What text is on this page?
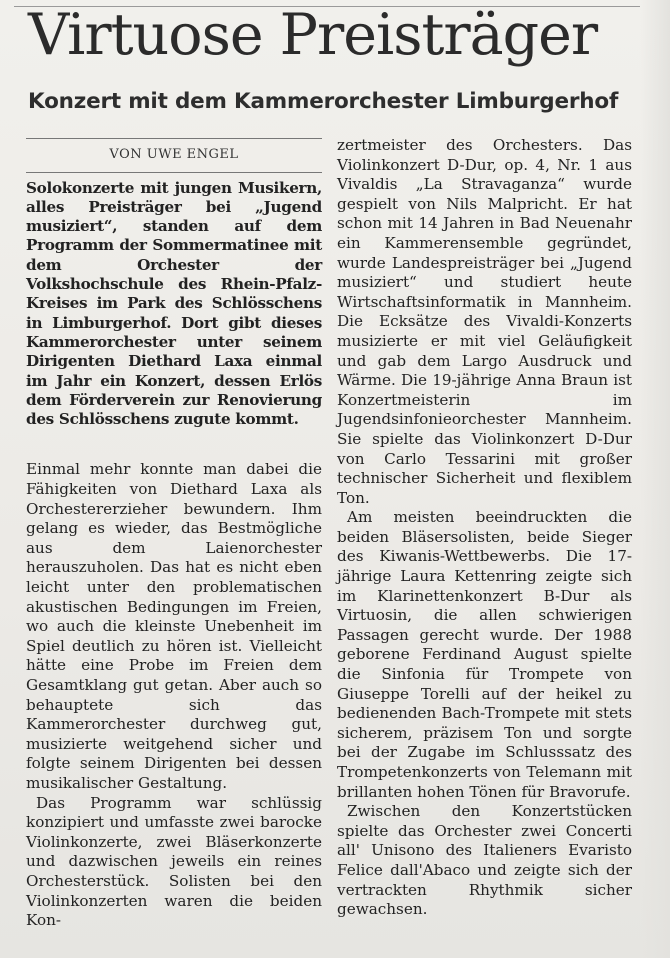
Virtuose Preisträger
Konzert mit dem Kammerorchester Limburgerhof
VON UWE ENGEL

Solokonzerte mit jungen Musikern, alles Preisträger bei „Jugend musiziert“, standen auf dem Programm der Sommermatinee mit dem Orchester der Volkshochschule des Rhein-Pfalz-Kreises im Park des Schlösschens in Limburgerhof. Dort gibt dieses Kammerorchester unter seinem Dirigenten Diethard Laxa einmal im Jahr ein Konzert, dessen Erlös dem Förderverein zur Renovierung des Schlösschens zugute kommt.

Einmal mehr konnte man dabei die Fähigkeiten von Diethard Laxa als Orchestererzieher bewundern. Ihm gelang es wieder, das Bestmögliche aus dem Laienorchester herauszuholen. Das hat es nicht eben leicht unter den problematischen akustischen Bedingungen im Freien, wo auch die kleinste Unebenheit im Spiel deutlich zu hören ist. Vielleicht hätte eine Probe im Freien dem Gesamtklang gut getan. Aber auch so behauptete sich das Kammerorchester durchweg gut, musizierte weitgehend sicher und folgte seinem Dirigenten bei dessen musikalischer Gestaltung.

Das Programm war schlüssig konzipiert und umfasste zwei barocke Violinkonzerte, zwei Bläserkonzerte und dazwischen jeweils ein reines Orchesterstück. Solisten bei den Violinkonzerten waren die beiden Kon-

zertmeister des Orchesters. Das Violinkonzert D-Dur, op. 4, Nr. 1 aus Vivaldis „La Stravaganza“ wurde gespielt von Nils Malpricht. Er hat schon mit 14 Jahren in Bad Neuenahr ein Kammerensemble gegründet, wurde Landespreisträger bei „Jugend musiziert“ und studiert heute Wirtschaftsinformatik in Mannheim. Die Ecksätze des Vivaldi-Konzerts musizierte er mit viel Geläufigkeit und gab dem Largo Ausdruck und Wärme. Die 19-jährige Anna Braun ist Konzertmeisterin im Jugendsinfonieorchester Mannheim. Sie spielte das Violinkonzert D-Dur von Carlo Tessarini mit großer technischer Sicherheit und flexiblem Ton.

Am meisten beeindruckten die beiden Bläsersolisten, beide Sieger des Kiwanis-Wettbewerbs. Die 17-jährige Laura Kettenring zeigte sich im Klarinettenkonzert B-Dur als Virtuosin, die allen schwierigen Passagen gerecht wurde. Der 1988 geborene Ferdinand August spielte die Sinfonia für Trompete von Giuseppe Torelli auf der heikel zu bedienenden Bach-Trompete mit stets sicherem, präzisem Ton und sorgte bei der Zugabe im Schlusssatz des Trompetenkonzerts von Telemann mit brillanten hohen Tönen für Bravorufe.

Zwischen den Konzertstücken spielte das Orchester zwei Concerti all' Unisono des Italieners Evaristo Felice dall'Abaco und zeigte sich der vertrackten Rhythmik sicher gewachsen.
